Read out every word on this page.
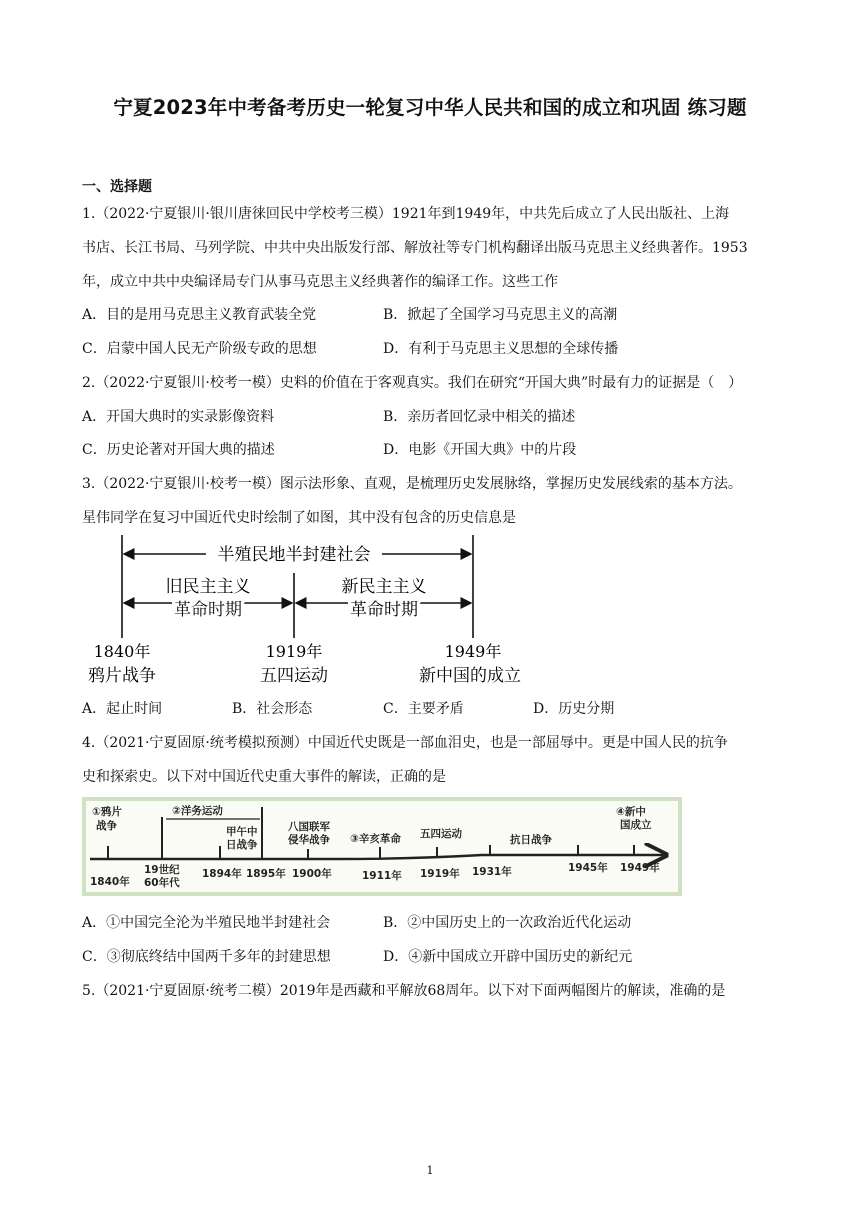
宁夏2023年中考备考历史一轮复习中华人民共和国的成立和巩固 练习题
一、选择题
1.（2022·宁夏银川·银川唐徕回民中学校考三模）1921年到1949年，中共先后成立了人民出版社、上海
书店、长江书局、马列学院、中共中央出版发行部、解放社等专门机构翻译出版马克思主义经典著作。1953
年，成立中共中央编译局专门从事马克思主义经典著作的编译工作。这些工作
A．目的是用马克思主义教育武装全党	B．掀起了全国学习马克思主义的高潮
C．启蒙中国人民无产阶级专政的思想	D．有利于马克思主义思想的全球传播
2.（2022·宁夏银川·校考一模）史料的价值在于客观真实。我们在研究“开国大典”时最有力的证据是（　）
A．开国大典时的实录影像资料	B．亲历者回忆录中相关的描述
C．历史论著对开国大典的描述	D．电影《开国大典》中的片段
3.（2022·宁夏银川·校考一模）图示法形象、直观，是梳理历史发展脉络，掌握历史发展线索的基本方法。
星伟同学在复习中国近代史时绘制了如图，其中没有包含的历史信息是
半殖民地半封建社会
旧民主主义
革命时期
新民主主义
革命时期
1840年
鸦片战争
1919年
五四运动
1949年
新中国的成立
A．起止时间	B．社会形态	C．主要矛盾	D．历史分期
4.（2021·宁夏固原·统考模拟预测）中国近代史既是一部血泪史，也是一部屈辱中。更是中国人民的抗争
史和探索史。以下对中国近代史重大事件的解读，正确的是
①鸦片
战争
②洋务运动
甲午中
日战争
八国联军
侵华战争 ③辛亥革命 五四运动	抗日战争
④新中
国成立
1840年
19世纪
60年代
1894年 1895年 1900年	1911年 1919年 1931年	1945年 1949年
A．①中国完全沦为半殖民地半封建社会	B．②中国历史上的一次政治近代化运动
C．③彻底终结中国两千多年的封建思想	D．④新中国成立开辟中国历史的新纪元
5.（2021·宁夏固原·统考二模）2019年是西藏和平解放68周年。以下对下面两幅图片的解读，准确的是
1
